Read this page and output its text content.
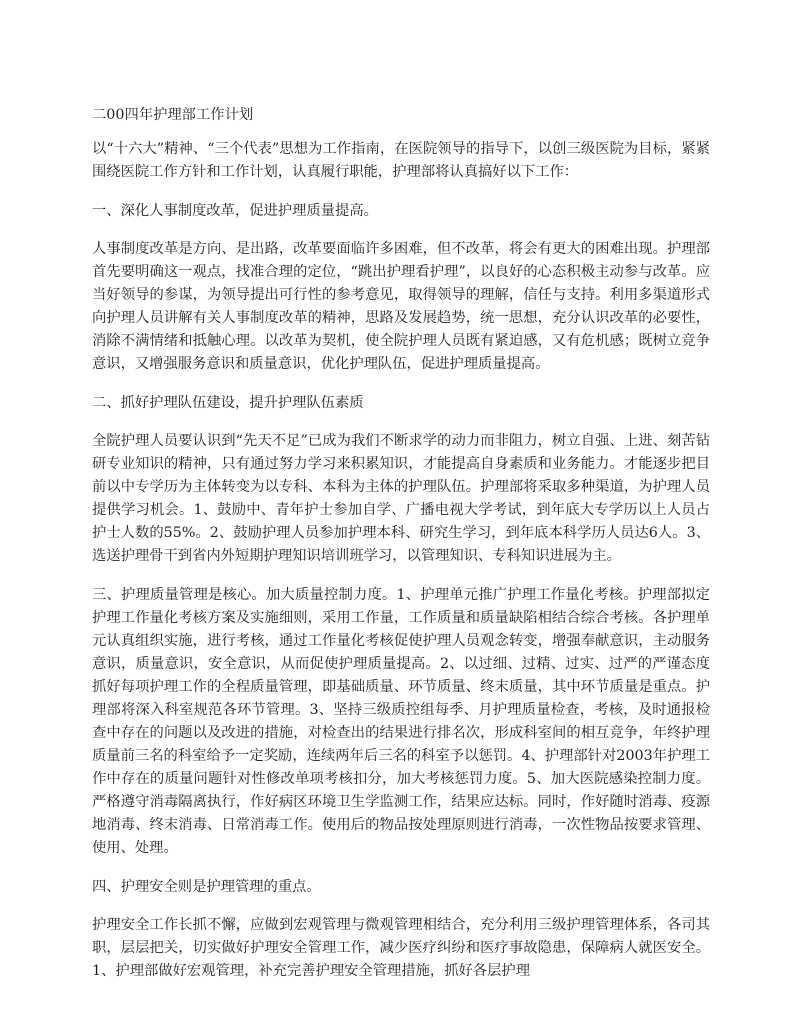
二00四年护理部工作计划

以“十六大”精神、“三个代表”思想为工作指南，在医院领导的指导下，以创三级医院为目标，紧紧围绕医院工作方针和工作计划，认真履行职能，护理部将认真搞好以下工作：

一、深化人事制度改革，促进护理质量提高。

人事制度改革是方向、是出路，改革要面临许多困难，但不改革，将会有更大的困难出现。护理部首先要明确这一观点，找准合理的定位，“跳出护理看护理”，以良好的心态积极主动参与改革。应当好领导的参谋，为领导提出可行性的参考意见，取得领导的理解，信任与支持。利用多渠道形式向护理人员讲解有关人事制度改革的精神，思路及发展趋势，统一思想，充分认识改革的必要性，消除不满情绪和抵触心理。以改革为契机，使全院护理人员既有紧迫感，又有危机感；既树立竞争意识，又增强服务意识和质量意识，优化护理队伍，促进护理质量提高。

二、抓好护理队伍建设，提升护理队伍素质

全院护理人员要认识到“先天不足”已成为我们不断求学的动力而非阻力，树立自强、上进、刻苦钻研专业知识的精神，只有通过努力学习来积累知识，才能提高自身素质和业务能力。才能逐步把目前以中专学历为主体转变为以专科、本科为主体的护理队伍。护理部将采取多种渠道，为护理人员提供学习机会。1、鼓励中、青年护士参加自学、广播电视大学考试，到年底大专学历以上人员占护士人数的55%。2、鼓励护理人员参加护理本科、研究生学习，到年底本科学历人员达6人。3、选送护理骨干到省内外短期护理知识培训班学习，以管理知识、专科知识进展为主。

三、护理质量管理是核心。加大质量控制力度。1、护理单元推广护理工作量化考核。护理部拟定护理工作量化考核方案及实施细则，采用工作量，工作质量和质量缺陷相结合综合考核。各护理单元认真组织实施，进行考核，通过工作量化考核促使护理人员观念转变，增强奉献意识，主动服务意识，质量意识，安全意识，从而促使护理质量提高。2、以过细、过精、过实、过严的严谨态度抓好每项护理工作的全程质量管理，即基础质量、环节质量、终末质量，其中环节质量是重点。护理部将深入科室规范各环节管理。3、坚持三级质控组每季、月护理质量检查，考核，及时通报检查中存在的问题以及改进的措施，对检查出的结果进行排名次，形成科室间的相互竞争，年终护理质量前三名的科室给予一定奖励，连续两年后三名的科室予以惩罚。4、护理部针对2003年护理工作中存在的质量问题针对性修改单项考核扣分，加大考核惩罚力度。5、加大医院感染控制力度。严格遵守消毒隔离执行，作好病区环境卫生学监测工作，结果应达标。同时，作好随时消毒、疫源地消毒、终末消毒、日常消毒工作。使用后的物品按处理原则进行消毒，一次性物品按要求管理、使用、处理。

四、护理安全则是护理管理的重点。

护理安全工作长抓不懈，应做到宏观管理与微观管理相结合，充分利用三级护理管理体系，各司其职，层层把关，切实做好护理安全管理工作，减少医疗纠纷和医疗事故隐患，保障病人就医安全。1、护理部做好宏观管理，补充完善护理安全管理措施，抓好各层护理
